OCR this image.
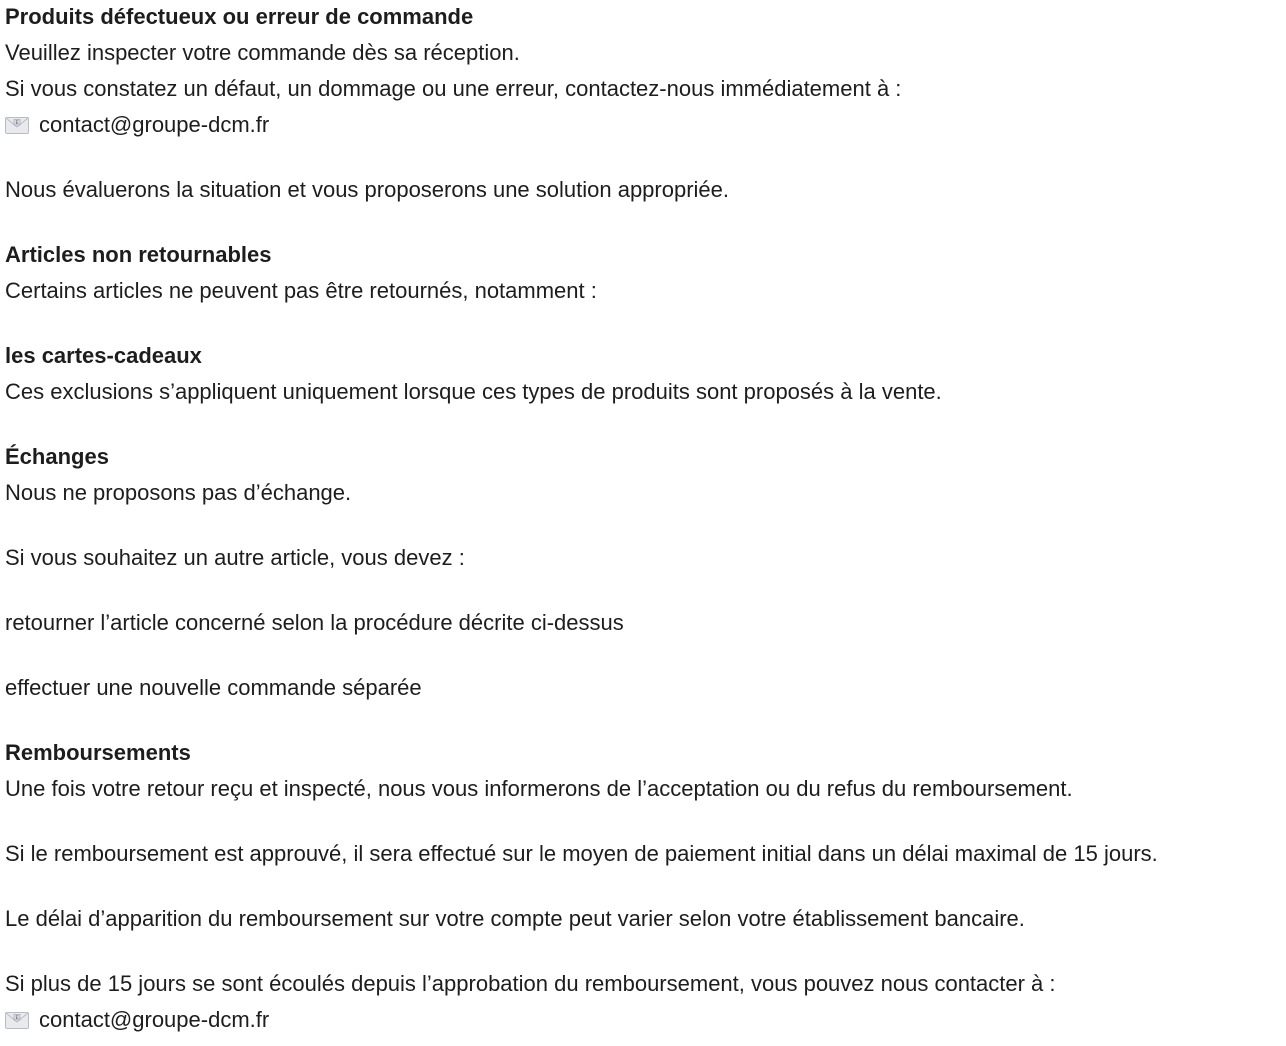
Produits défectueux ou erreur de commande
Veuillez inspecter votre commande dès sa réception.
Si vous constatez un défaut, un dommage ou une erreur, contactez-nous immédiatement à :
E contact@groupe-dcm.fr
Nous évaluerons la situation et vous proposerons une solution appropriée.
Articles non retournables
Certains articles ne peuvent pas être retournés, notamment :
les cartes-cadeaux
Ces exclusions s’appliquent uniquement lorsque ces types de produits sont proposés à la vente.
Échanges
Nous ne proposons pas d’échange.
Si vous souhaitez un autre article, vous devez :
retourner l’article concerné selon la procédure décrite ci-dessus
effectuer une nouvelle commande séparée
Remboursements
Une fois votre retour reçu et inspecté, nous vous informerons de l’acceptation ou du refus du remboursement.
Si le remboursement est approuvé, il sera effectué sur le moyen de paiement initial dans un délai maximal de 15 jours.
Le délai d’apparition du remboursement sur votre compte peut varier selon votre établissement bancaire.
Si plus de 15 jours se sont écoulés depuis l’approbation du remboursement, vous pouvez nous contacter à :
E contact@groupe-dcm.fr
